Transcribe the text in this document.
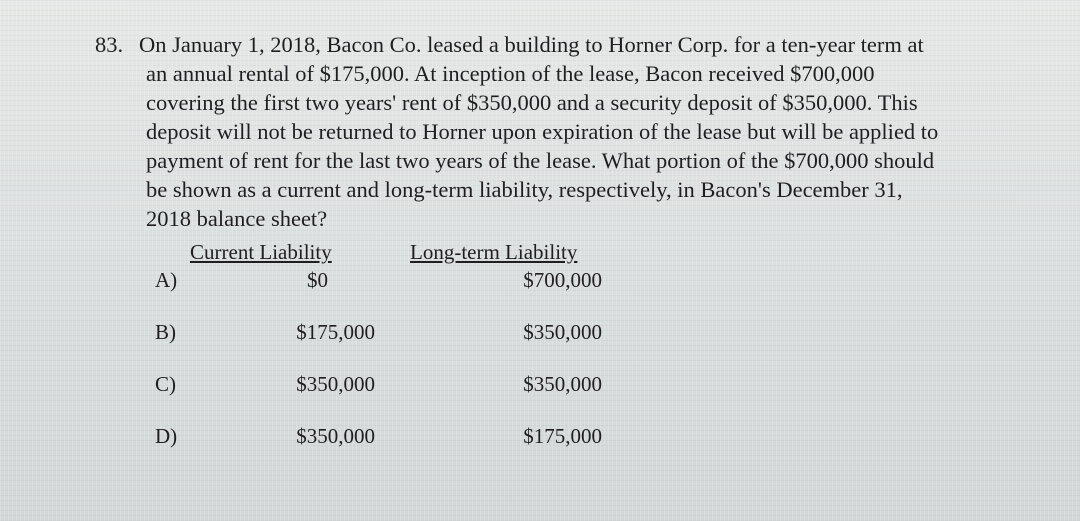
83. On January 1, 2018, Bacon Co. leased a building to Horner Corp. for a ten-year term at
an annual rental of $175,000. At inception of the lease, Bacon received $700,000
covering the first two years' rent of $350,000 and a security deposit of $350,000. This
deposit will not be returned to Horner upon expiration of the lease but will be applied to
payment of rent for the last two years of the lease. What portion of the $700,000 should
be shown as a current and long-term liability, respectively, in Bacon's December 31,
2018 balance sheet?
Current Liability	Long-term Liability
A)	$0	$700,000
B)	$175,000	$350,000
C)	$350,000	$350,000
D)	$350,000	$175,000
